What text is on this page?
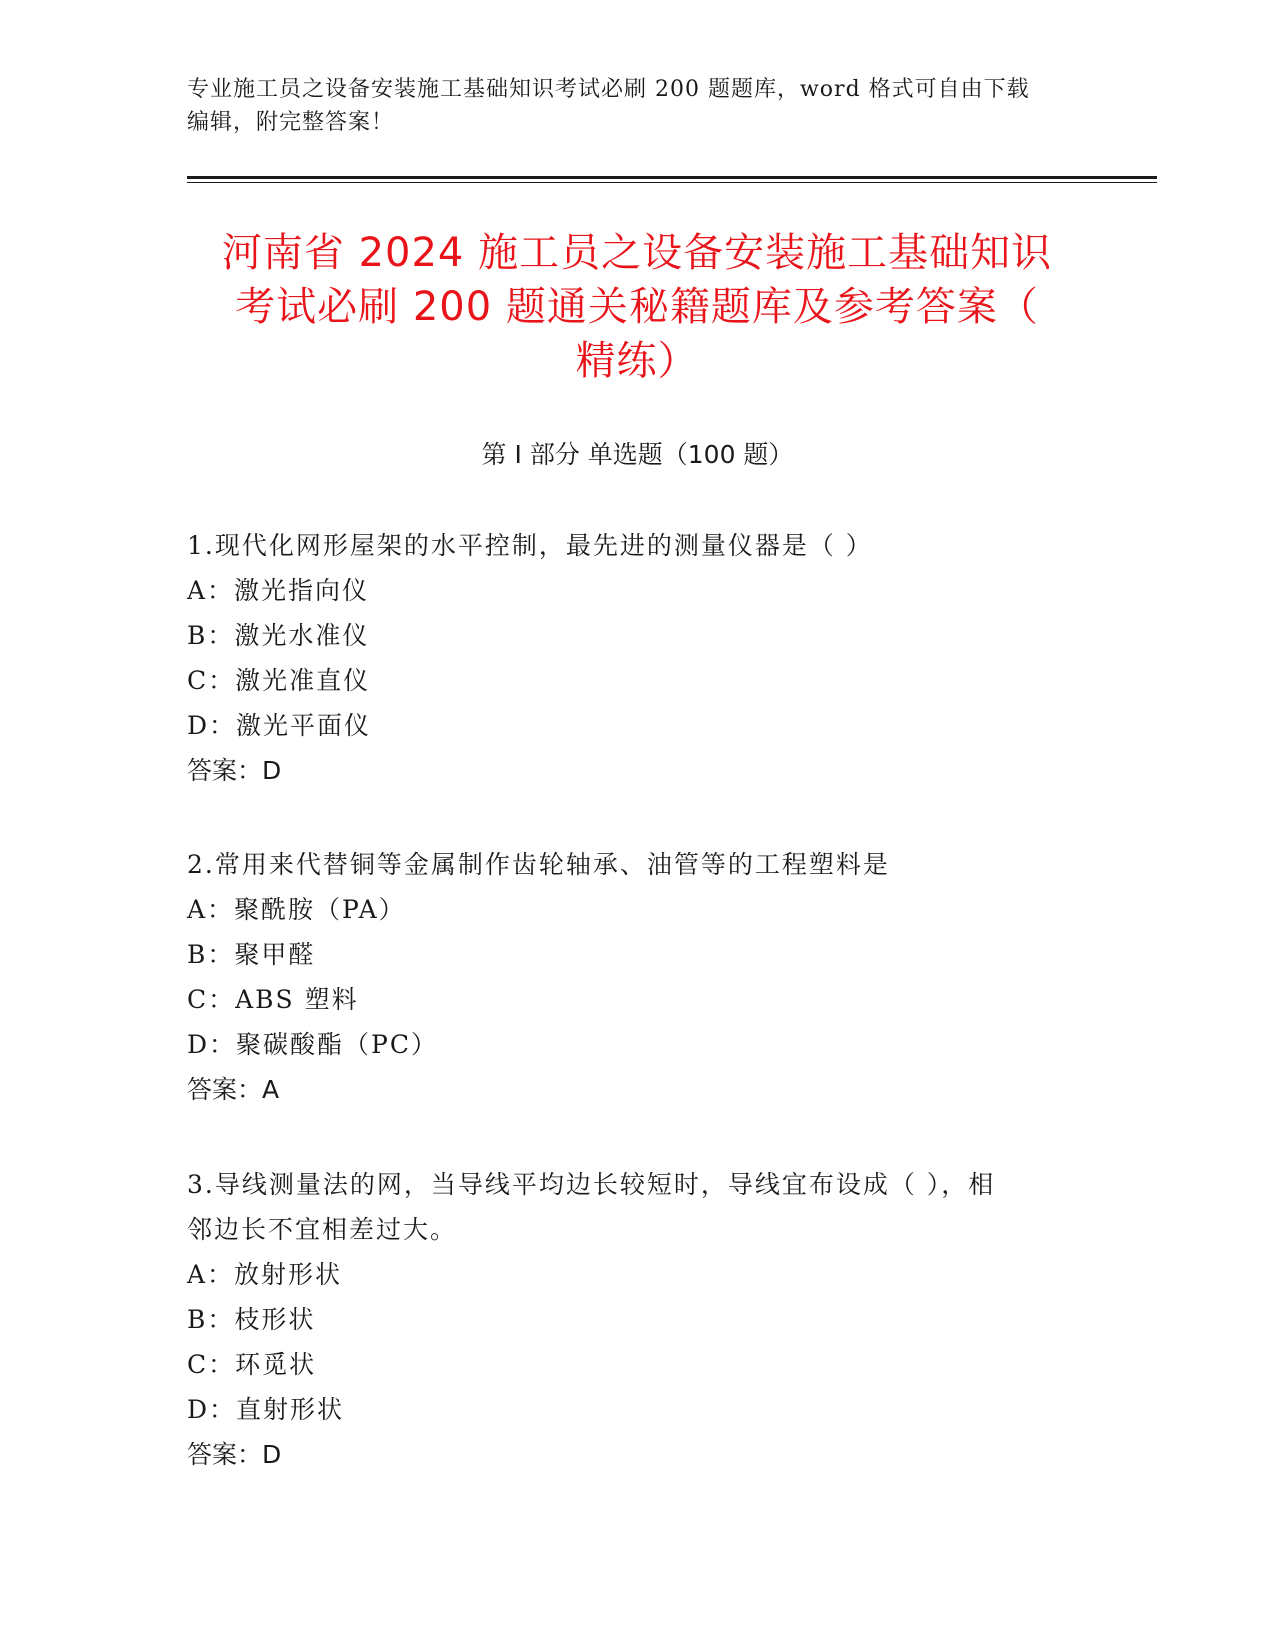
专业施工员之设备安装施工基础知识考试必刷 200 题题库，word 格式可自由下载
编辑，附完整答案！
河南省 2024 施工员之设备安装施工基础知识
考试必刷 200 题通关秘籍题库及参考答案（
精练）
第 I 部分 单选题（100 题）

1.现代化网形屋架的水平控制，最先进的测量仪器是（ ）

A：激光指向仪

B：激光水准仪

C：激光准直仪

D：激光平面仪

答案：D

2.常用来代替铜等金属制作齿轮轴承、油管等的工程塑料是

A：聚酰胺（PA）

B：聚甲醛

C：ABS 塑料

D：聚碳酸酯（PC）

答案：A

3.导线测量法的网，当导线平均边长较短时，导线宜布设成（ ），相

邻边长不宜相差过大。

A：放射形状

B：枝形状

C：环觅状

D：直射形状

答案：D
